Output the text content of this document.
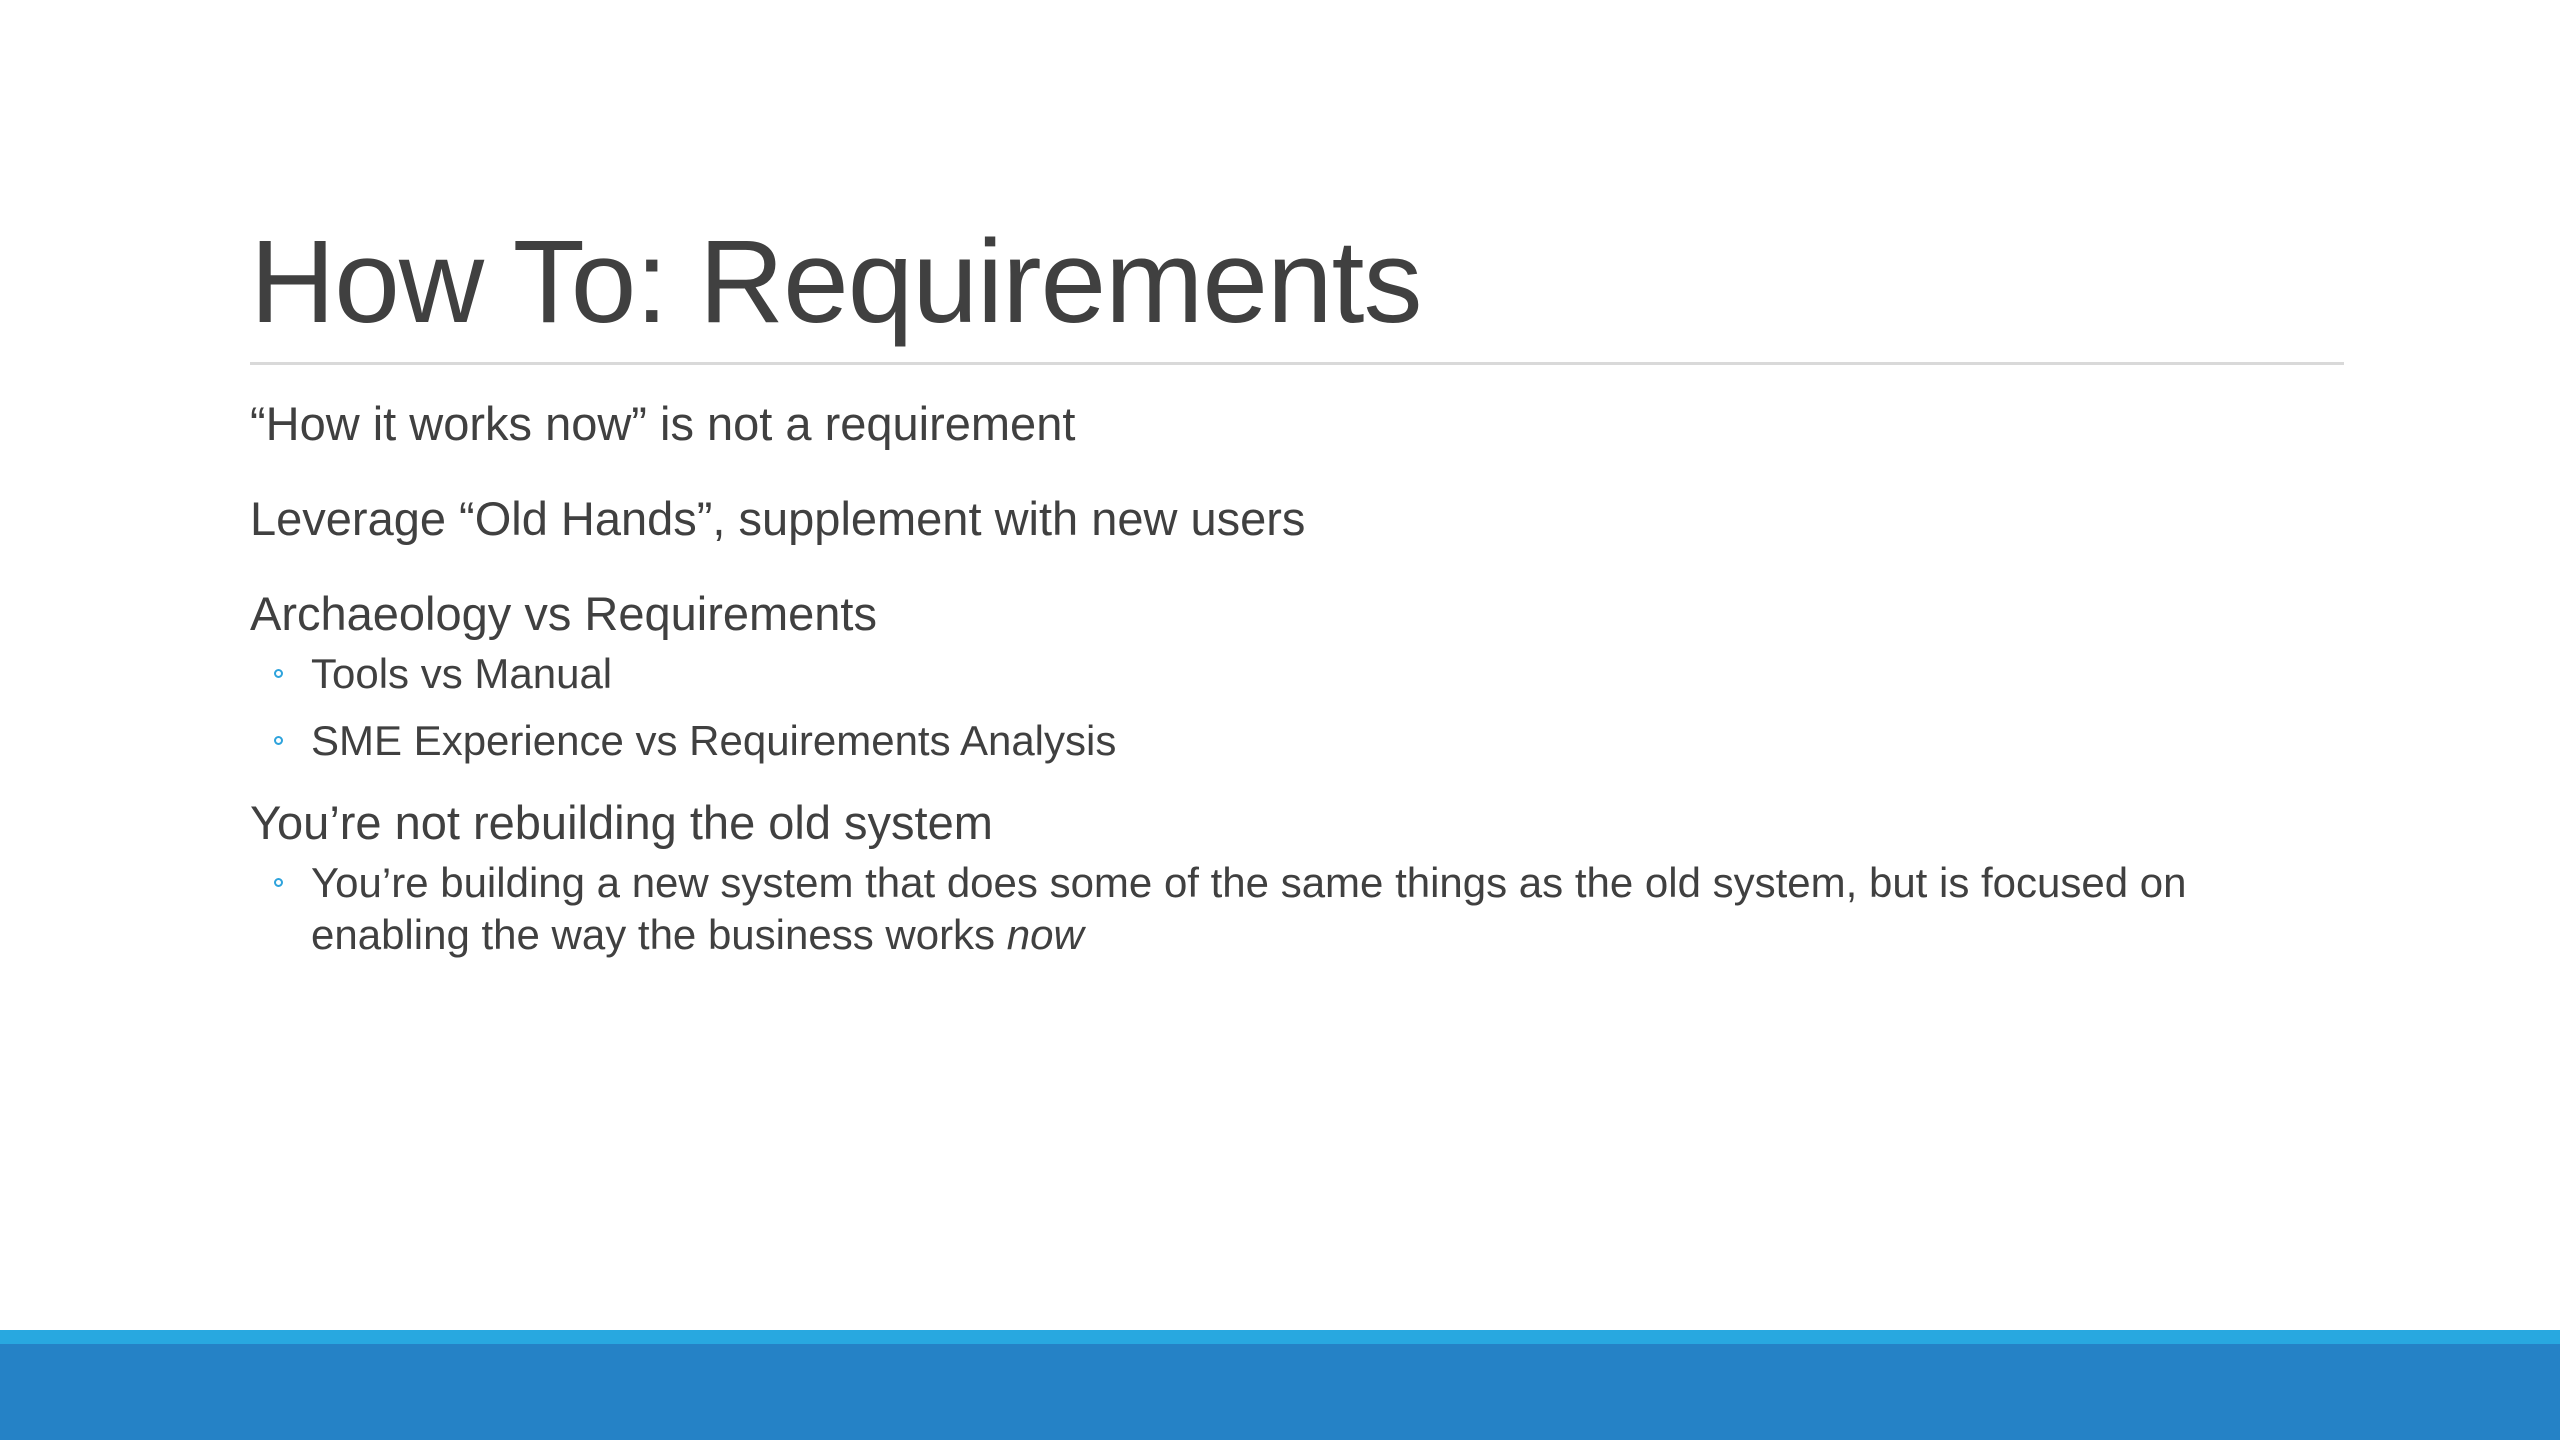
How To: Requirements

“How it works now” is not a requirement

Leverage “Old Hands”, supplement with new users

Archaeology vs Requirements

Tools vs Manual
SME Experience vs Requirements Analysis

You’re not rebuilding the old system

You’re building a new system that does some of the same things as the old system, but is focused on enabling the way the business works now
